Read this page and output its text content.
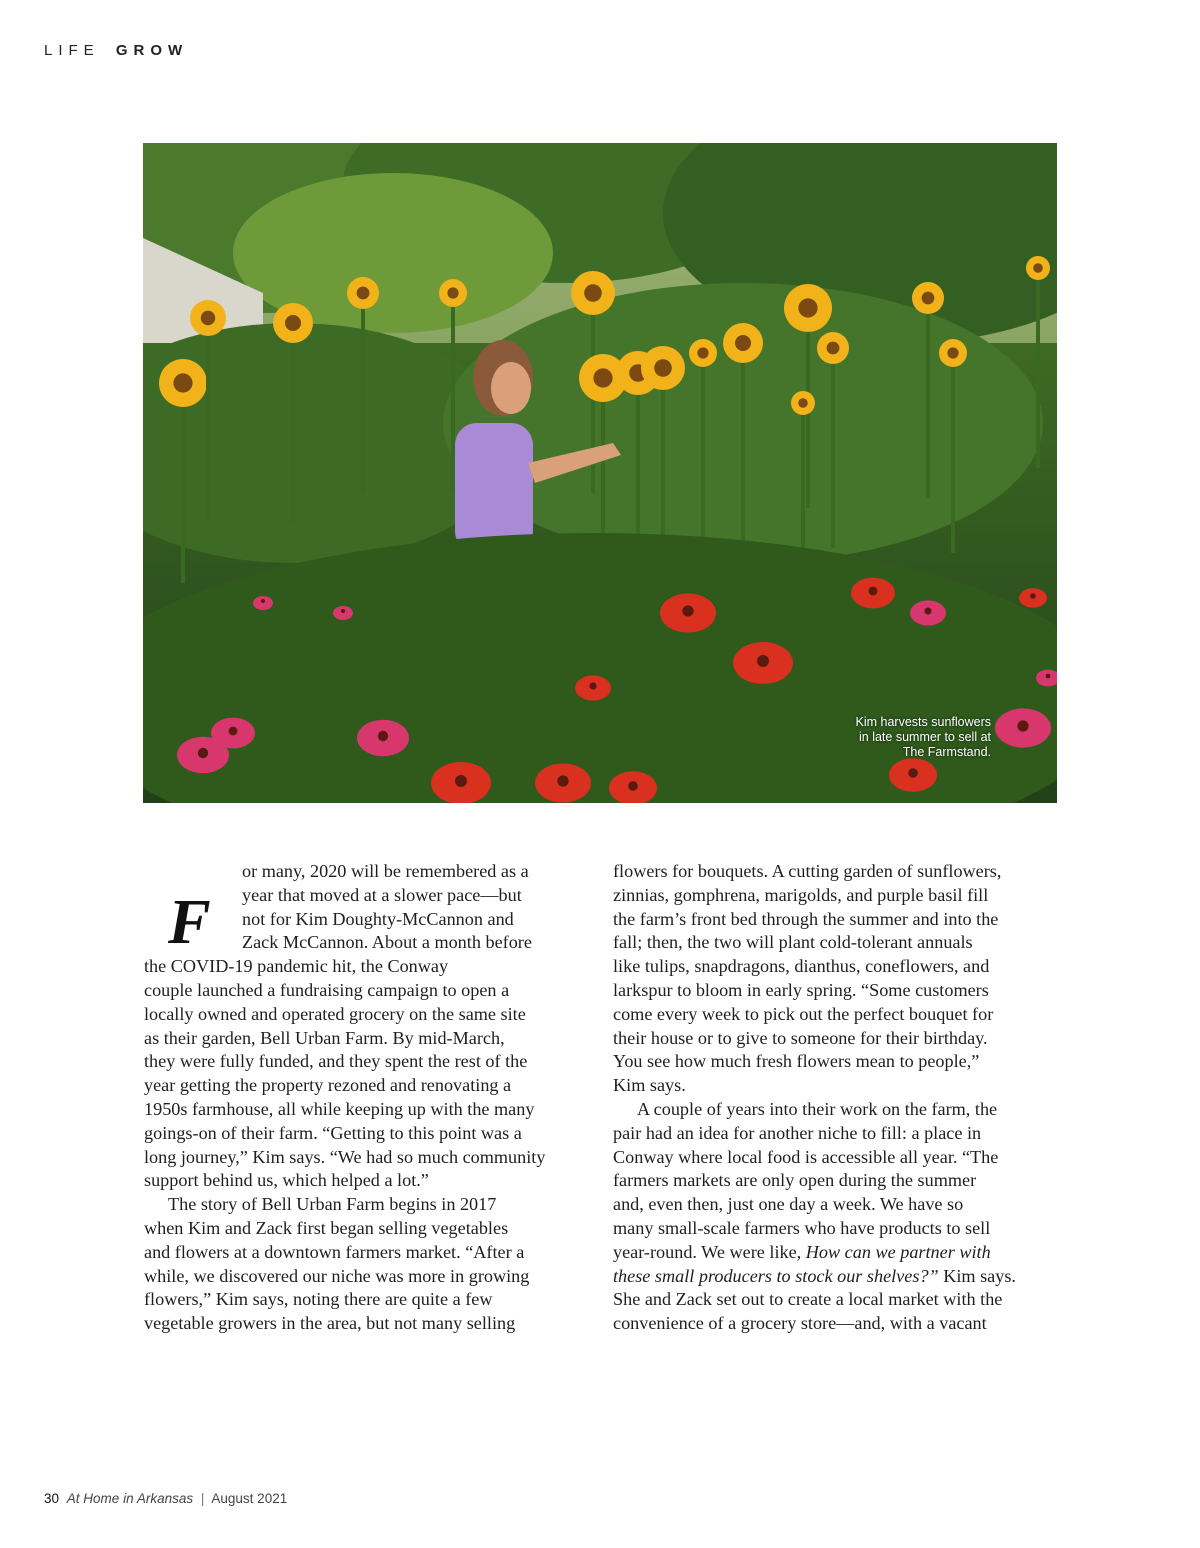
LIFE GROW
Kim harvests sunflowers
in late summer to sell at
The Farmstand.
F

or many, 2020 will be remembered as a
year that moved at a slower pace—but
not for Kim Doughty-McCannon and
Zack McCannon. About a month before
the COVID-19 pandemic hit, the Conway
couple launched a fundraising campaign to open a
locally owned and operated grocery on the same site
as their garden, Bell Urban Farm. By mid-March,
they were fully funded, and they spent the rest of the
year getting the property rezoned and renovating a
1950s farmhouse, all while keeping up with the many
goings-on of their farm. “Getting to this point was a
long journey,” Kim says. “We had so much community
support behind us, which helped a lot.”

The story of Bell Urban Farm begins in 2017
when Kim and Zack first began selling vegetables
and flowers at a downtown farmers market. “After a
while, we discovered our niche was more in growing
flowers,” Kim says, noting there are quite a few
vegetable growers in the area, but not many selling

flowers for bouquets. A cutting garden of sunflowers,
zinnias, gomphrena, marigolds, and purple basil fill
the farm’s front bed through the summer and into the
fall; then, the two will plant cold-tolerant annuals
like tulips, snapdragons, dianthus, coneflowers, and
larkspur to bloom in early spring. “Some customers
come every week to pick out the perfect bouquet for
their house or to give to someone for their birthday.
You see how much fresh flowers mean to people,”
Kim says.

A couple of years into their work on the farm, the
pair had an idea for another niche to fill: a place in
Conway where local food is accessible all year. “The
farmers markets are only open during the summer
and, even then, just one day a week. We have so
many small-scale farmers who have products to sell
year-round. We were like, How can we partner with
these small producers to stock our shelves?” Kim says.
She and Zack set out to create a local market with the
convenience of a grocery store—and, with a vacant

30 At Home in Arkansas | August 2021
